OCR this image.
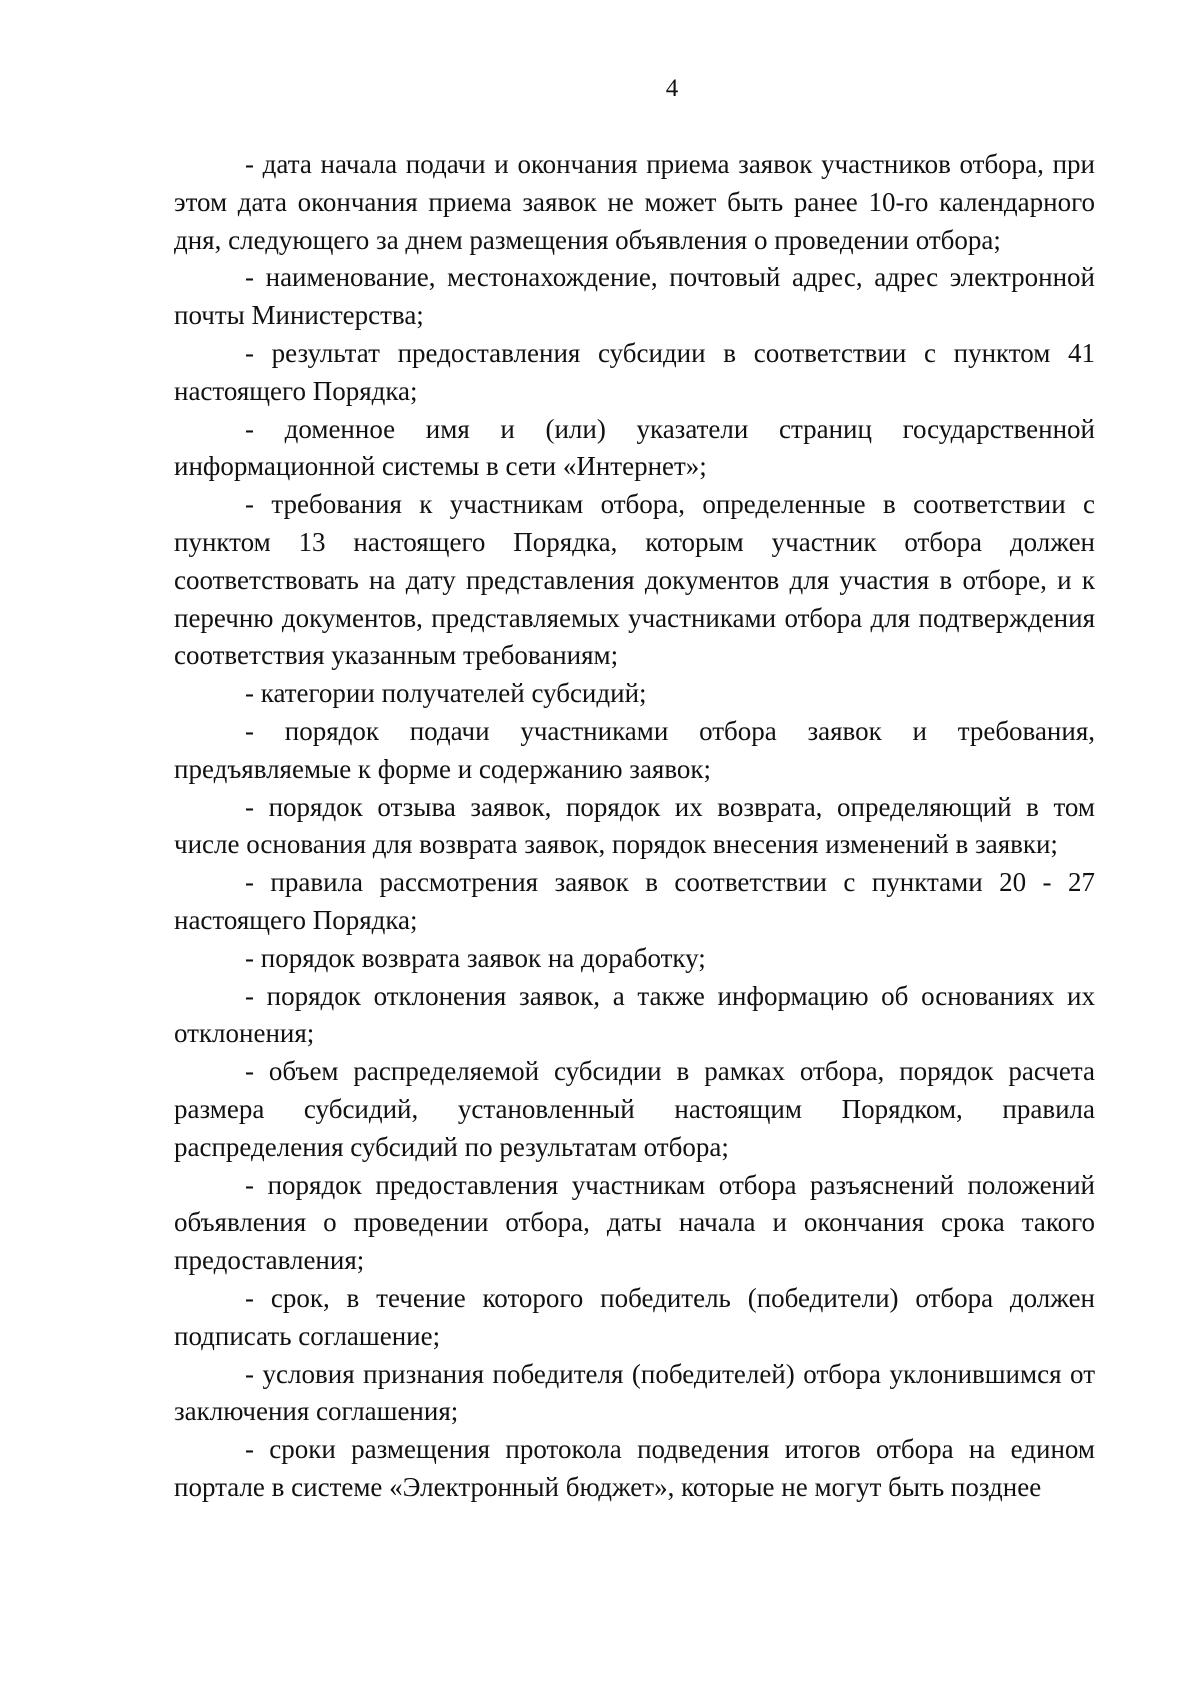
4

- дата начала подачи и окончания приема заявок участников отбора, при этом дата окончания приема заявок не может быть ранее 10-го календарного дня, следующего за днем размещения объявления о проведении отбора;

- наименование, местонахождение, почтовый адрес, адрес электронной почты Министерства;

- результат предоставления субсидии в соответствии с пунктом 41 настоящего Порядка;

- доменное имя и (или) указатели страниц государственной информационной системы в сети «Интернет»;

- требования к участникам отбора, определенные в соответствии с пунктом 13 настоящего Порядка, которым участник отбора должен соответствовать на дату представления документов для участия в отборе, и к перечню документов, представляемых участниками отбора для подтверждения соответствия указанным требованиям;

- категории получателей субсидий;

- порядок подачи участниками отбора заявок и требования, предъявляемые к форме и содержанию заявок;

- порядок отзыва заявок, порядок их возврата, определяющий в том числе основания для возврата заявок, порядок внесения изменений в заявки;

- правила рассмотрения заявок в соответствии с пунктами 20 - 27 настоящего Порядка;

- порядок возврата заявок на доработку;

- порядок отклонения заявок, а также информацию об основаниях их отклонения;

- объем распределяемой субсидии в рамках отбора, порядок расчета размера субсидий, установленный настоящим Порядком, правила распределения субсидий по результатам отбора;

- порядок предоставления участникам отбора разъяснений положений объявления о проведении отбора, даты начала и окончания срока такого предоставления;

- срок, в течение которого победитель (победители) отбора должен подписать соглашение;

- условия признания победителя (победителей) отбора уклонившимся от заключения соглашения;

- сроки размещения протокола подведения итогов отбора на едином портале в системе «Электронный бюджет», которые не могут быть позднее
